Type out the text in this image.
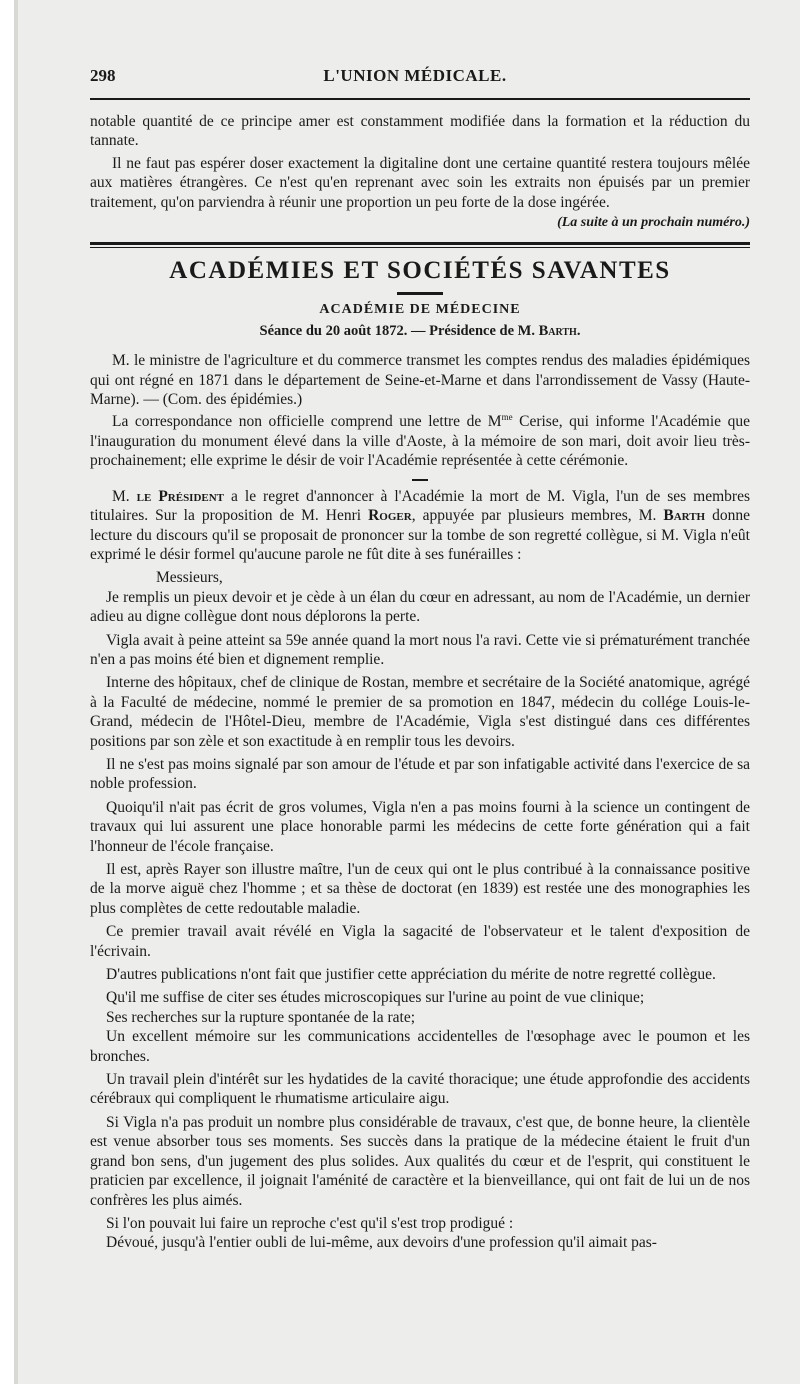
298	L'UNION MÉDICALE.

notable quantité de ce principe amer est constamment modifiée dans la formation et la réduction du tannate.

Il ne faut pas espérer doser exactement la digitaline dont une certaine quantité restera toujours mêlée aux matières étrangères. Ce n'est qu'en reprenant avec soin les extraits non épuisés par un premier traitement, qu'on parviendra à réunir une proportion un peu forte de la dose ingérée.

(La suite à un prochain numéro.)
ACADÉMIES ET SOCIÉTÉS SAVANTES
ACADÉMIE DE MÉDECINE
Séance du 20 août 1872. — Présidence de M. Barth.

M. le ministre de l'agriculture et du commerce transmet les comptes rendus des maladies épidémiques qui ont régné en 1871 dans le département de Seine-et-Marne et dans l'arrondissement de Vassy (Haute-Marne). — (Com. des épidémies.)

La correspondance non officielle comprend une lettre de $M^{me}$ Cerise, qui informe l'Académie que l'inauguration du monument élevé dans la ville d'Aoste, à la mémoire de son mari, doit avoir lieu très-prochainement; elle exprime le désir de voir l'Académie représentée à cette cérémonie.

M. le Président a le regret d'annoncer à l'Académie la mort de M. Vigla, l'un de ses membres titulaires. Sur la proposition de M. Henri Roger, appuyée par plusieurs membres, M. Barth donne lecture du discours qu'il se proposait de prononcer sur la tombe de son regretté collègue, si M. Vigla n'eût exprimé le désir formel qu'aucune parole ne fût dite à ses funérailles :

Messieurs,

Je remplis un pieux devoir et je cède à un élan du cœur en adressant, au nom de l'Académie, un dernier adieu au digne collègue dont nous déplorons la perte.

Vigla avait à peine atteint sa 59e année quand la mort nous l'a ravi. Cette vie si prématurément tranchée n'en a pas moins été bien et dignement remplie.

Interne des hôpitaux, chef de clinique de Rostan, membre et secrétaire de la Société anatomique, agrégé à la Faculté de médecine, nommé le premier de sa promotion en 1847, médecin du collége Louis-le-Grand, médecin de l'Hôtel-Dieu, membre de l'Académie, Vigla s'est distingué dans ces différentes positions par son zèle et son exactitude à en remplir tous les devoirs.

Il ne s'est pas moins signalé par son amour de l'étude et par son infatigable activité dans l'exercice de sa noble profession.

Quoiqu'il n'ait pas écrit de gros volumes, Vigla n'en a pas moins fourni à la science un contingent de travaux qui lui assurent une place honorable parmi les médecins de cette forte génération qui a fait l'honneur de l'école française.

Il est, après Rayer son illustre maître, l'un de ceux qui ont le plus contribué à la connaissance positive de la morve aiguë chez l'homme ; et sa thèse de doctorat (en 1839) est restée une des monographies les plus complètes de cette redoutable maladie.

Ce premier travail avait révélé en Vigla la sagacité de l'observateur et le talent d'exposition de l'écrivain.

D'autres publications n'ont fait que justifier cette appréciation du mérite de notre regretté collègue.

Qu'il me suffise de citer ses études microscopiques sur l'urine au point de vue clinique;

Ses recherches sur la rupture spontanée de la rate;

Un excellent mémoire sur les communications accidentelles de l'œsophage avec le poumon et les bronches.

Un travail plein d'intérêt sur les hydatides de la cavité thoracique; une étude approfondie des accidents cérébraux qui compliquent le rhumatisme articulaire aigu.

Si Vigla n'a pas produit un nombre plus considérable de travaux, c'est que, de bonne heure, la clientèle est venue absorber tous ses moments. Ses succès dans la pratique de la médecine étaient le fruit d'un grand bon sens, d'un jugement des plus solides. Aux qualités du cœur et de l'esprit, qui constituent le praticien par excellence, il joignait l'aménité de caractère et la bienveillance, qui ont fait de lui un de nos confrères les plus aimés.

Si l'on pouvait lui faire un reproche c'est qu'il s'est trop prodigué :

Dévoué, jusqu'à l'entier oubli de lui-même, aux devoirs d'une profession qu'il aimait pas-
